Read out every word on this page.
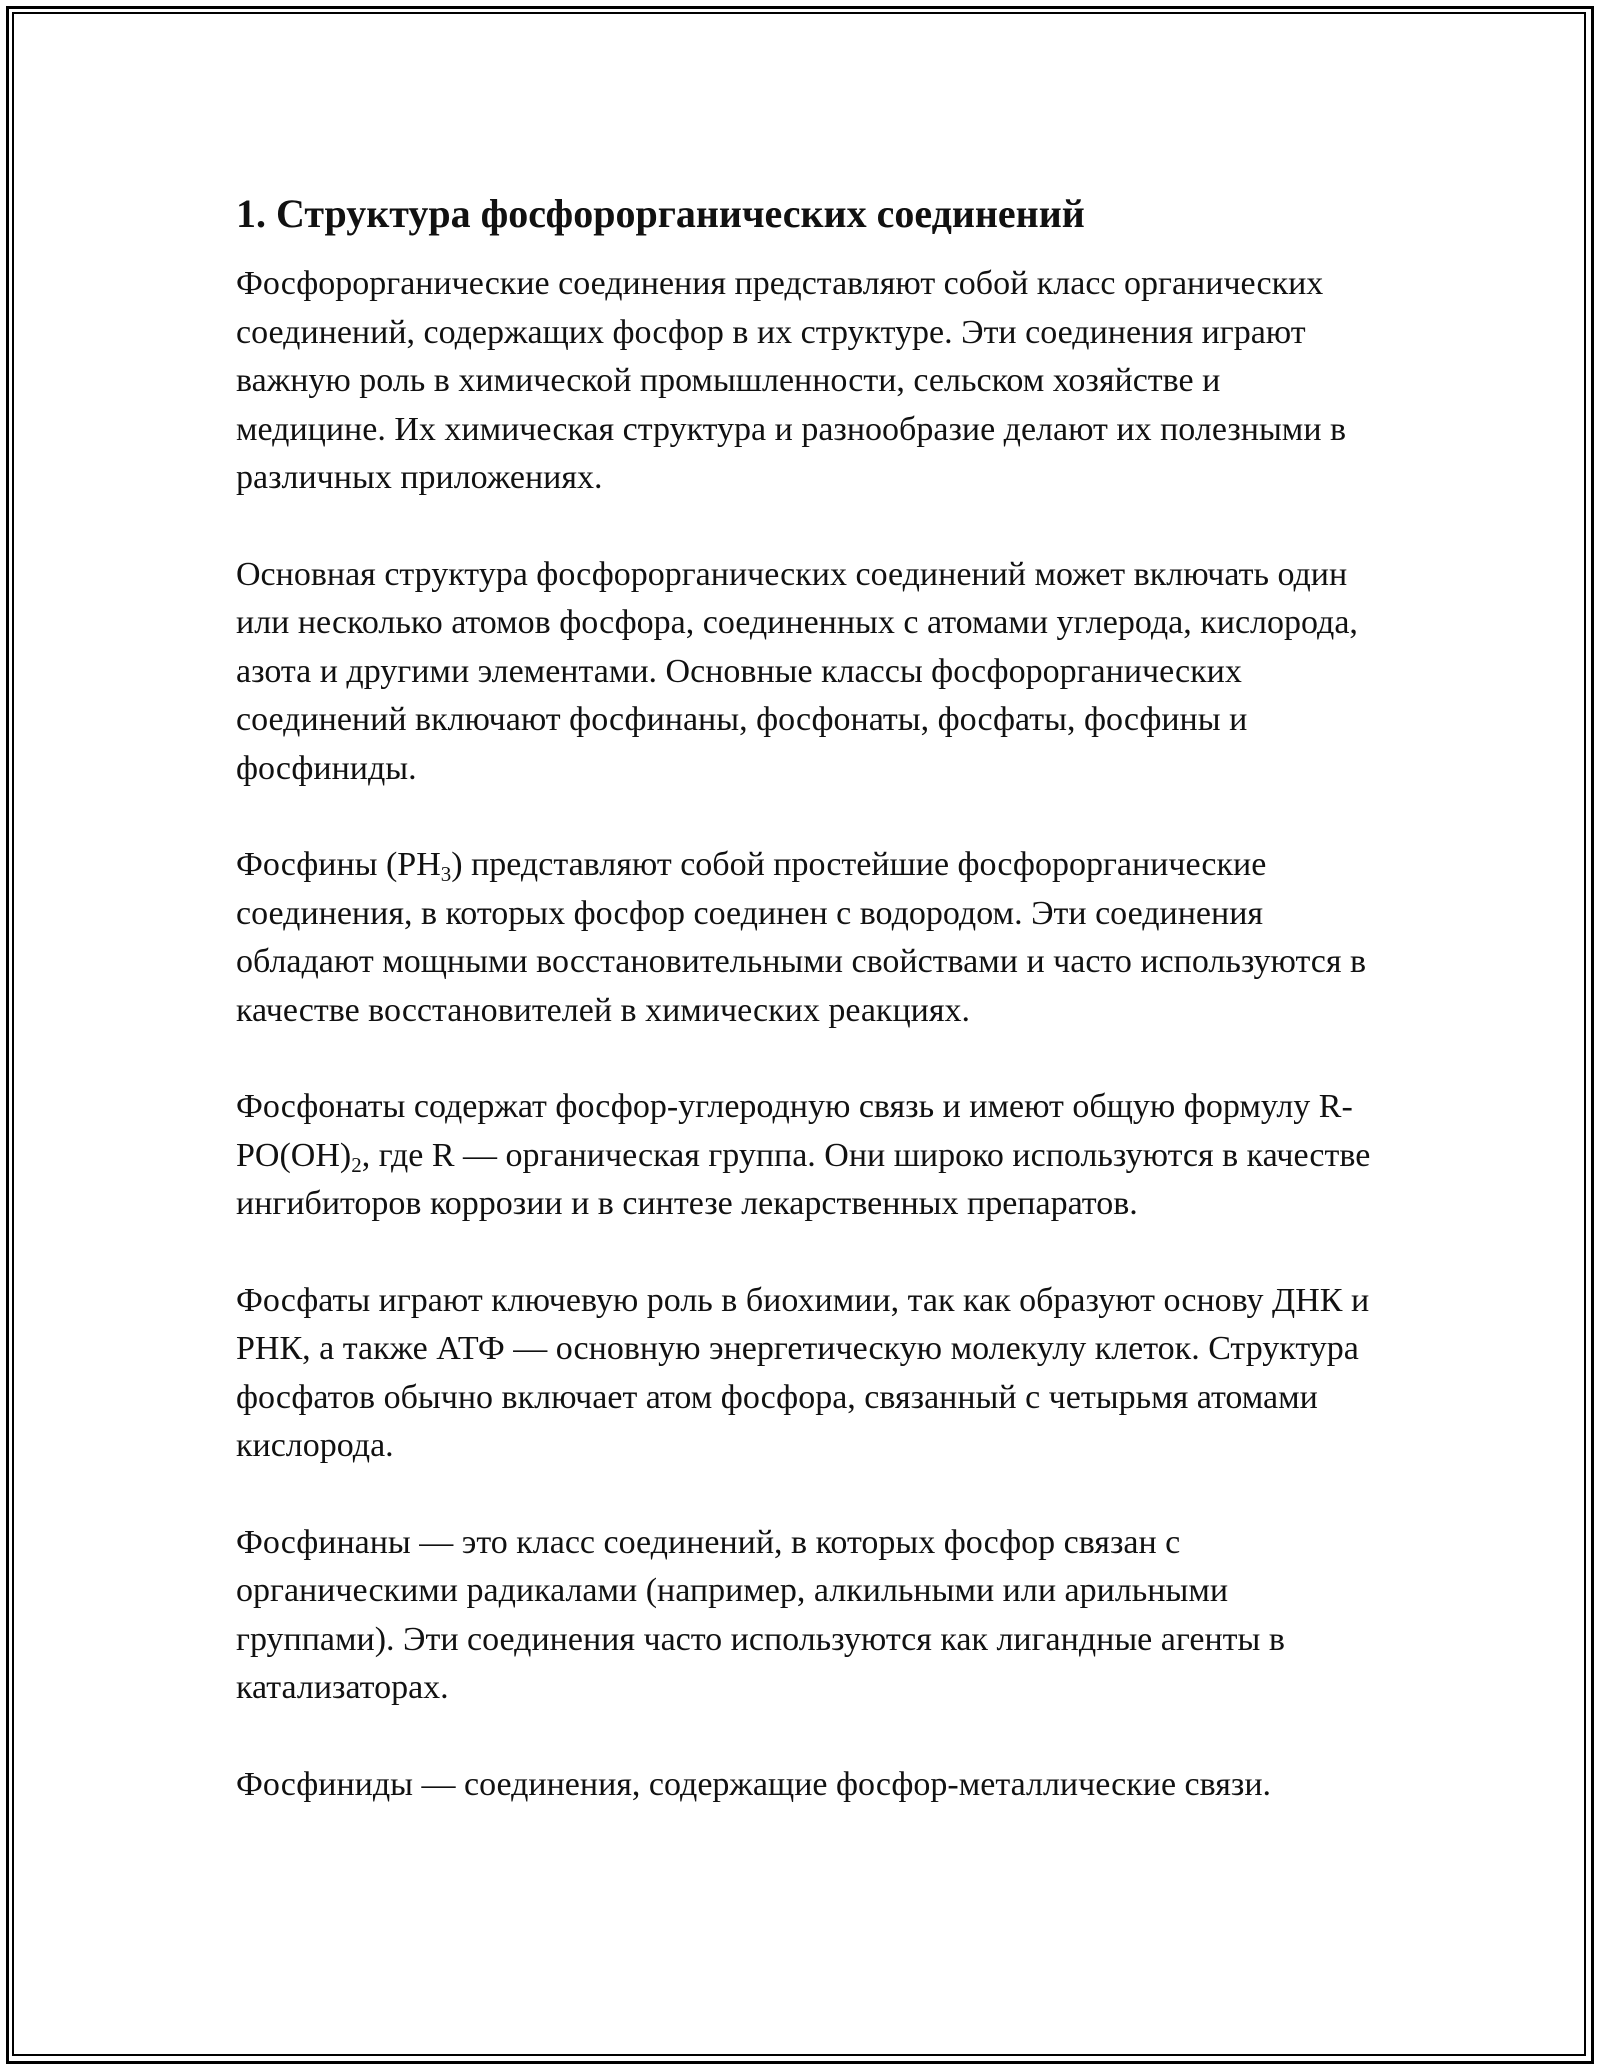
1. Структура фосфорорганических соединений

Фосфорорганические соединения представляют собой класс органических соединений, содержащих фосфор в их структуре. Эти соединения играют важную роль в химической промышленности, сельском хозяйстве и медицине. Их химическая структура и разнообразие делают их полезными в различных приложениях.

Основная структура фосфорорганических соединений может включать один или несколько атомов фосфора, соединенных с атомами углерода, кислорода, азота и другими элементами. Основные классы фосфорорганических соединений включают фосфинаны, фосфонаты, фосфаты, фосфины и фосфиниды.

Фосфины $(PH_3)$ представляют собой простейшие фосфорорганические соединения, в которых фосфор соединен с водородом. Эти соединения обладают мощными восстановительными свойствами и часто используются в качестве восстановителей в химических реакциях.

Фосфонаты содержат фосфор-углеродную связь и имеют общую формулу $R-PO(OH)_2$, где R — органическая группа. Они широко используются в качестве ингибиторов коррозии и в синтезе лекарственных препаратов.

Фосфаты играют ключевую роль в биохимии, так как образуют основу ДНК и РНК, а также АТФ — основную энергетическую молекулу клеток. Структура фосфатов обычно включает атом фосфора, связанный с четырьмя атомами кислорода.

Фосфинаны — это класс соединений, в которых фосфор связан с органическими радикалами (например, алкильными или арильными группами). Эти соединения часто используются как лигандные агенты в катализаторах.

Фосфиниды — соединения, содержащие фосфор-металлические связи.
